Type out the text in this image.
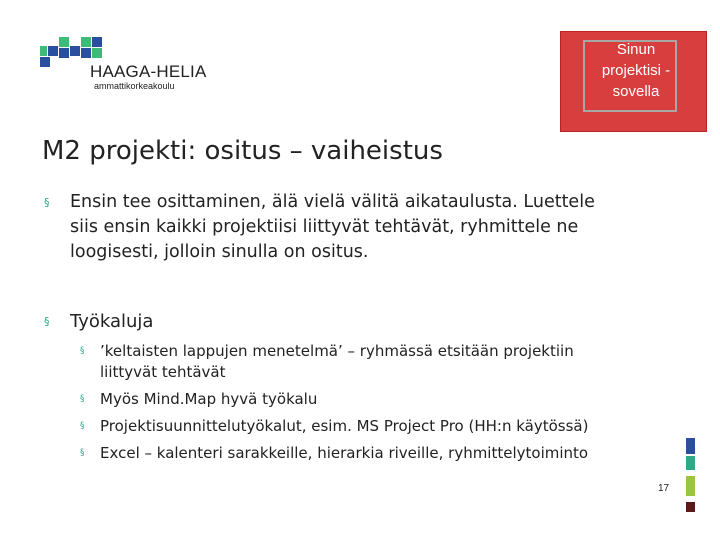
HAAGA-HELIA
ammattikorkeakoulu
Sinun
projektisi -
sovella
M2 projekti: ositus – vaiheistus
§ Ensin tee osittaminen, älä vielä välitä aikataulusta. Luettele
siis ensin kaikki projektiisi liittyvät tehtävät, ryhmittele ne
loogisesti, jolloin sinulla on ositus.
§ Työkaluja
§ ’keltaisten lappujen menetelmä’ – ryhmässä etsitään projektiin
liittyvät tehtävät
§ Myös Mind.Map hyvä työkalu
§ Projektisuunnittelutyökalut, esim. MS Project Pro (HH:n käytössä)
§ Excel – kalenteri sarakkeille, hierarkia riveille, ryhmittelytoiminto
17
